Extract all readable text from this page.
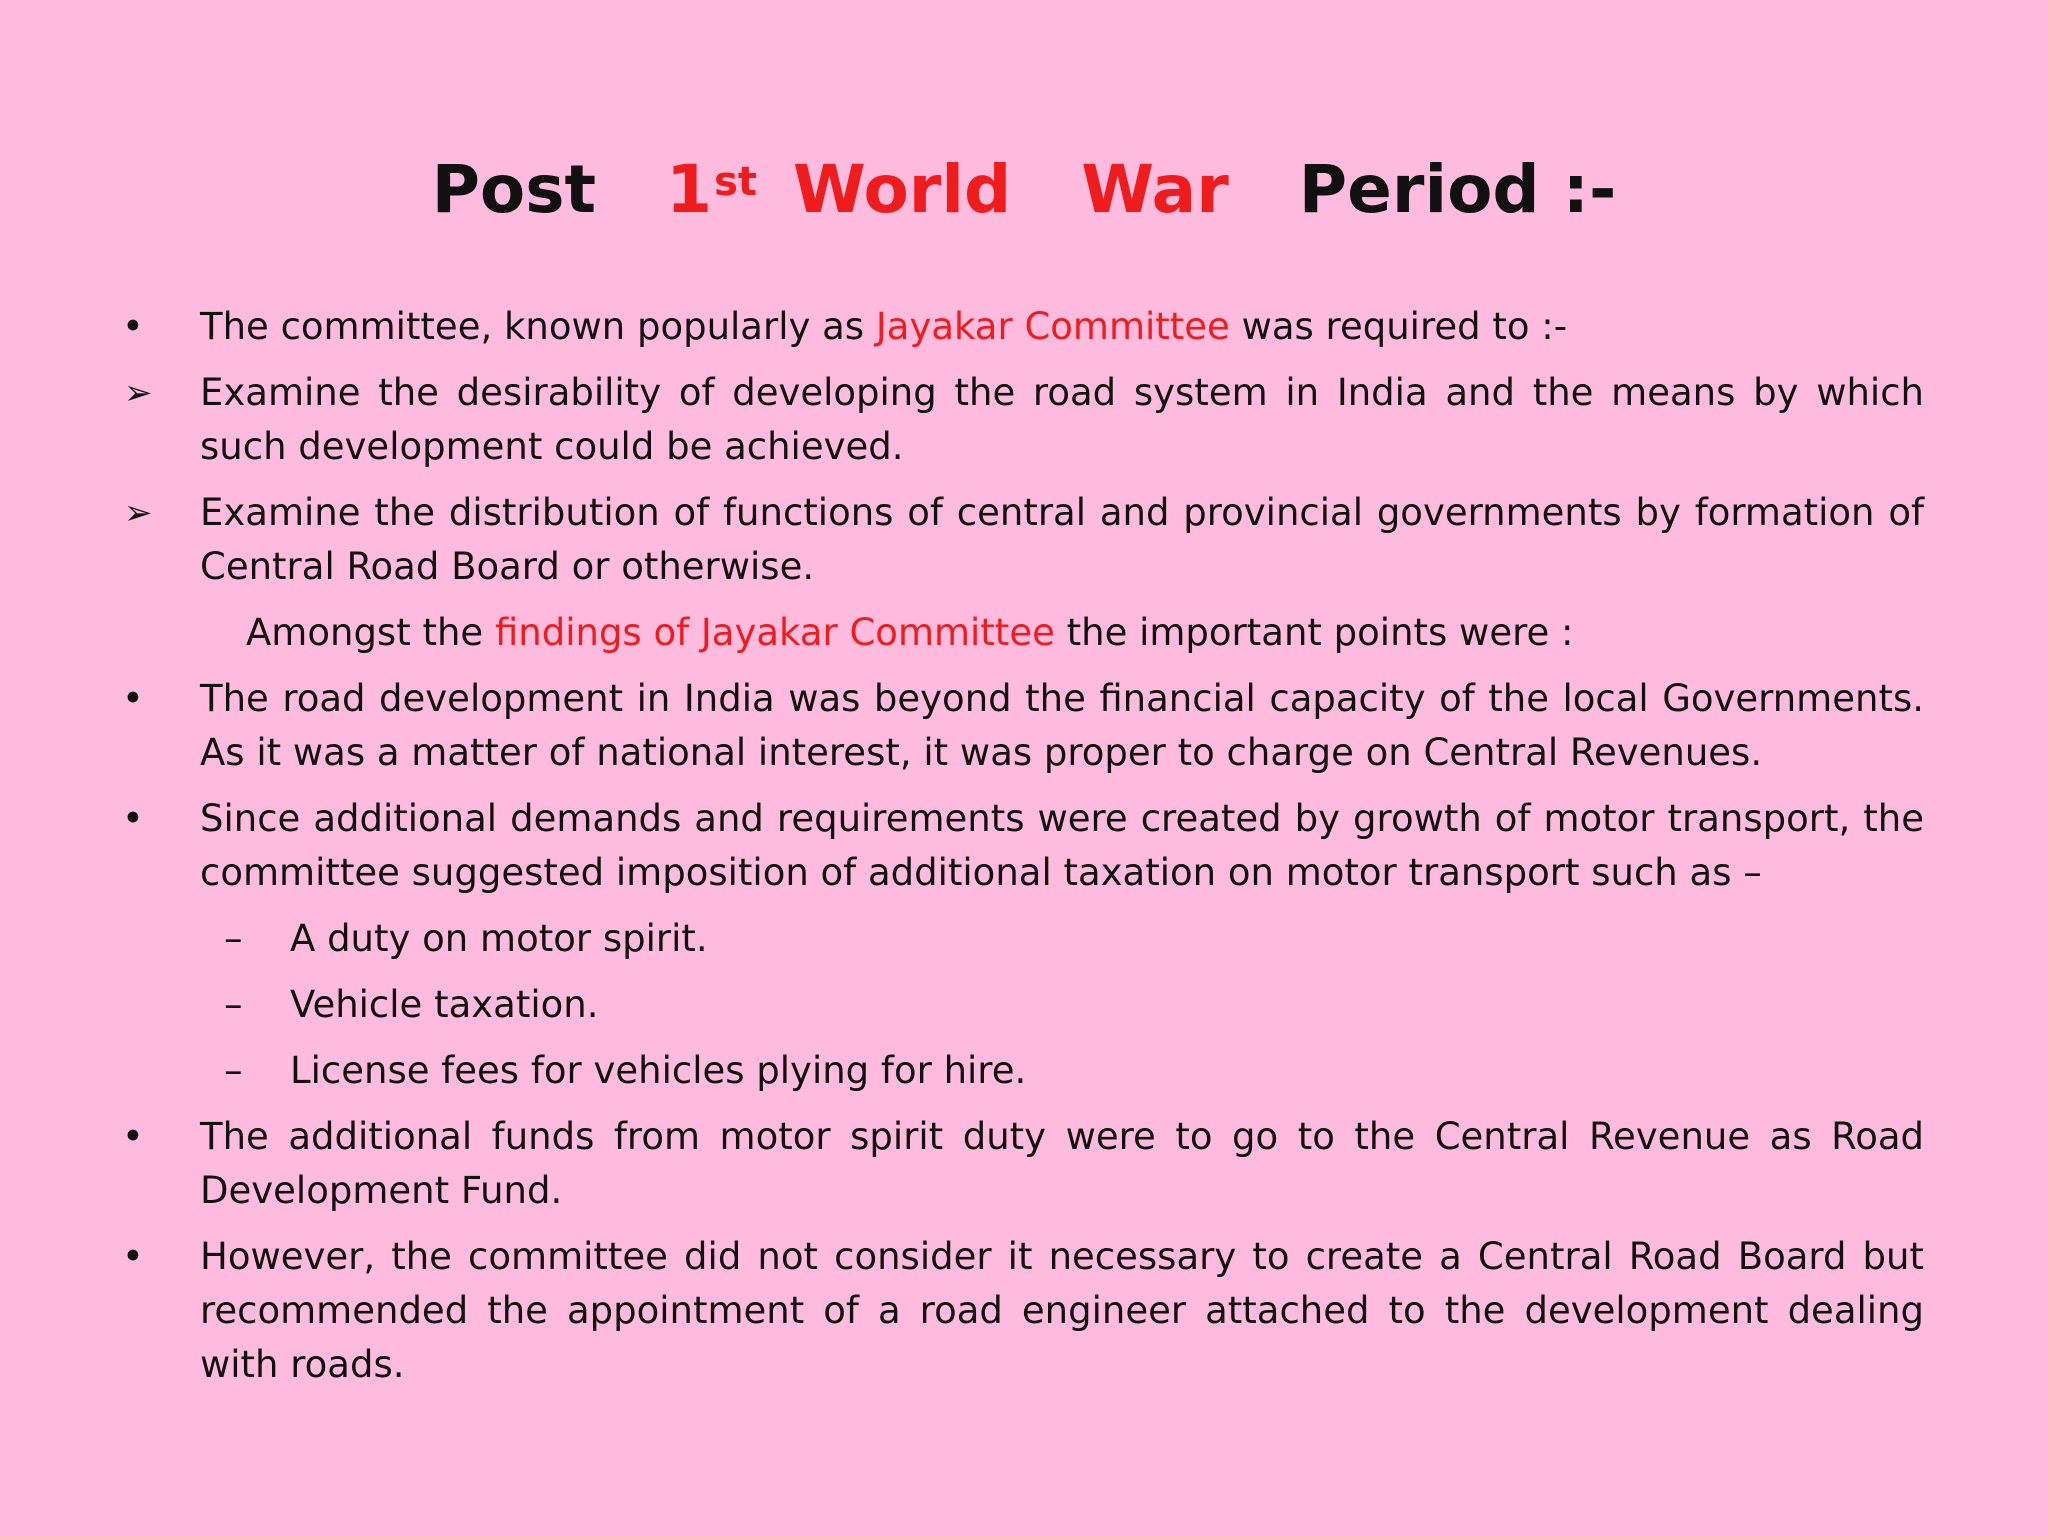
Post 1st World War Period :-
•	The committee, known popularly as Jayakar Committee was required to :-
➢	Examine the desirability of developing the road system in India and the means by which such development could be achieved.
➢	Examine the distribution of functions of central and provincial governments by formation of Central Road Board or otherwise.
Amongst the findings of Jayakar Committee the important points were :
•	The road development in India was beyond the financial capacity of the local Governments. As it was a matter of national interest, it was proper to charge on Central Revenues.
•	Since additional demands and requirements were created by growth of motor transport, the committee suggested imposition of additional taxation on motor transport such as –
–	A duty on motor spirit.
–	Vehicle taxation.
–	License fees for vehicles plying for hire.
•	The additional funds from motor spirit duty were to go to the Central Revenue as Road Development Fund.
•	However, the committee did not consider it necessary to create a Central Road Board but recommended the appointment of a road engineer attached to the development dealing with roads.
